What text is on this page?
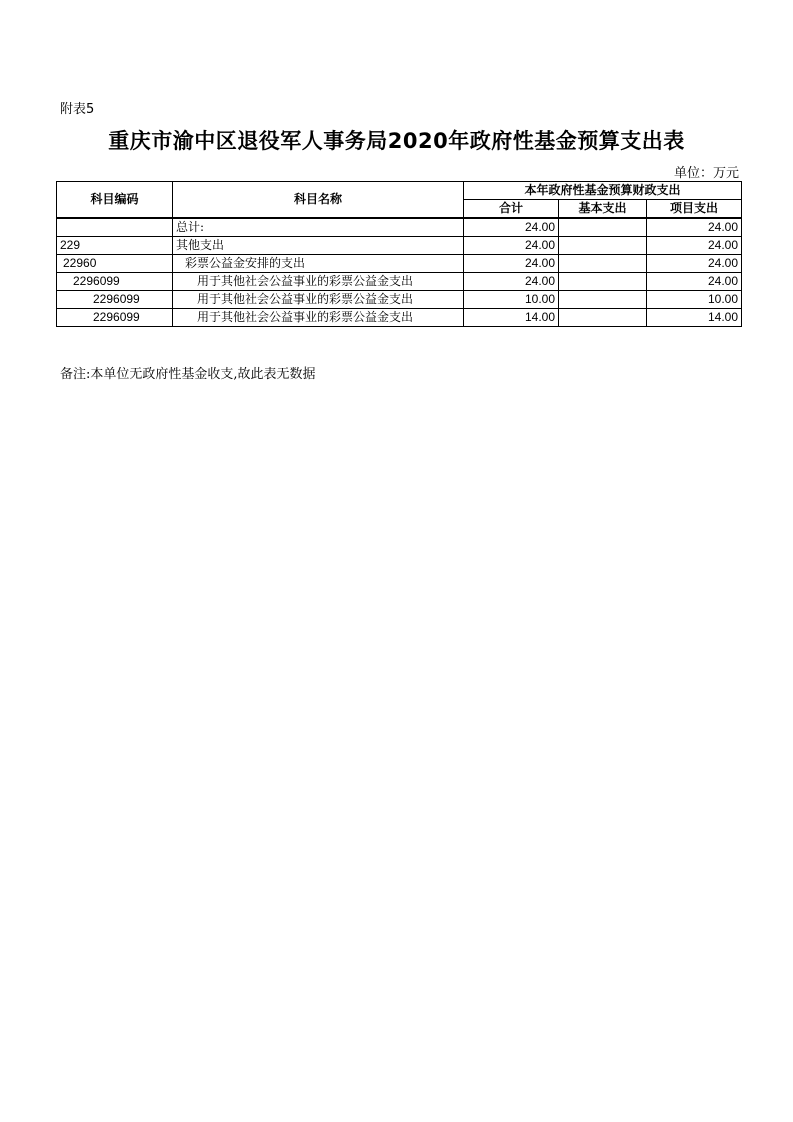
附表5
重庆市渝中区退役军人事务局2020年政府性基金预算支出表
单位：万元
科目编码	科目名称	本年政府性基金预算财政支出		
		合计	基本支出	项目支出
	总计:	24.00		24.00
229	其他支出	24.00		24.00
22960	彩票公益金安排的支出	24.00		24.00
2296099	用于其他社会公益事业的彩票公益金支出	24.00		24.00
2296099	用于其他社会公益事业的彩票公益金支出	10.00		10.00
2296099	用于其他社会公益事业的彩票公益金支出	14.00		14.00
备注:本单位无政府性基金收支,故此表无数据
